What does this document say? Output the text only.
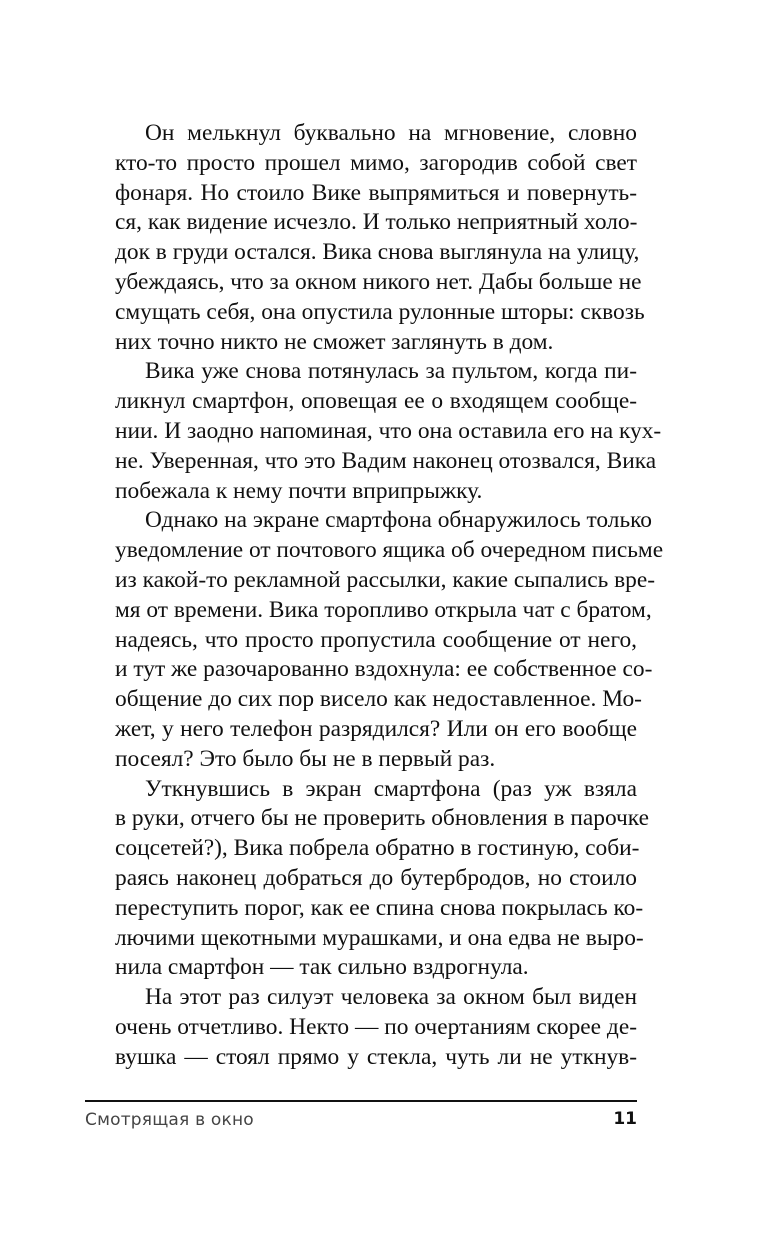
Он мелькнул буквально на мгновение, словно
кто-то просто прошел мимо, загородив собой свет
фонаря. Но стоило Вике выпрямиться и повернуть-
ся, как видение исчезло. И только неприятный холо-
док в груди остался. Вика снова выглянула на улицу,
убеждаясь, что за окном никого нет. Дабы больше не
смущать себя, она опустила рулонные шторы: сквозь
них точно никто не сможет заглянуть в дом.
Вика уже снова потянулась за пультом, когда пи-
ликнул смартфон, оповещая ее о входящем сообще-
нии. И заодно напоминая, что она оставила его на кух-
не. Уверенная, что это Вадим наконец отозвался, Вика
побежала к нему почти вприпрыжку.
Однако на экране смартфона обнаружилось только
уведомление от почтового ящика об очередном письме
из какой-то рекламной рассылки, какие сыпались вре-
мя от времени. Вика торопливо открыла чат с братом,
надеясь, что просто пропустила сообщение от него,
и тут же разочарованно вздохнула: ее собственное со-
общение до сих пор висело как недоставленное. Мо-
жет, у него телефон разрядился? Или он его вообще
посеял? Это было бы не в первый раз.
Уткнувшись в экран смартфона (раз уж взяла
в руки, отчего бы не проверить обновления в парочке
соцсетей?), Вика побрела обратно в гостиную, соби-
раясь наконец добраться до бутербродов, но стоило
переступить порог, как ее спина снова покрылась ко-
лючими щекотными мурашками, и она едва не выро-
нила смартфон — так сильно вздрогнула.
На этот раз силуэт человека за окном был виден
очень отчетливо. Некто — по очертаниям скорее де-
вушка — стоял прямо у стекла, чуть ли не уткнув-
Смотрящая в окно	11
